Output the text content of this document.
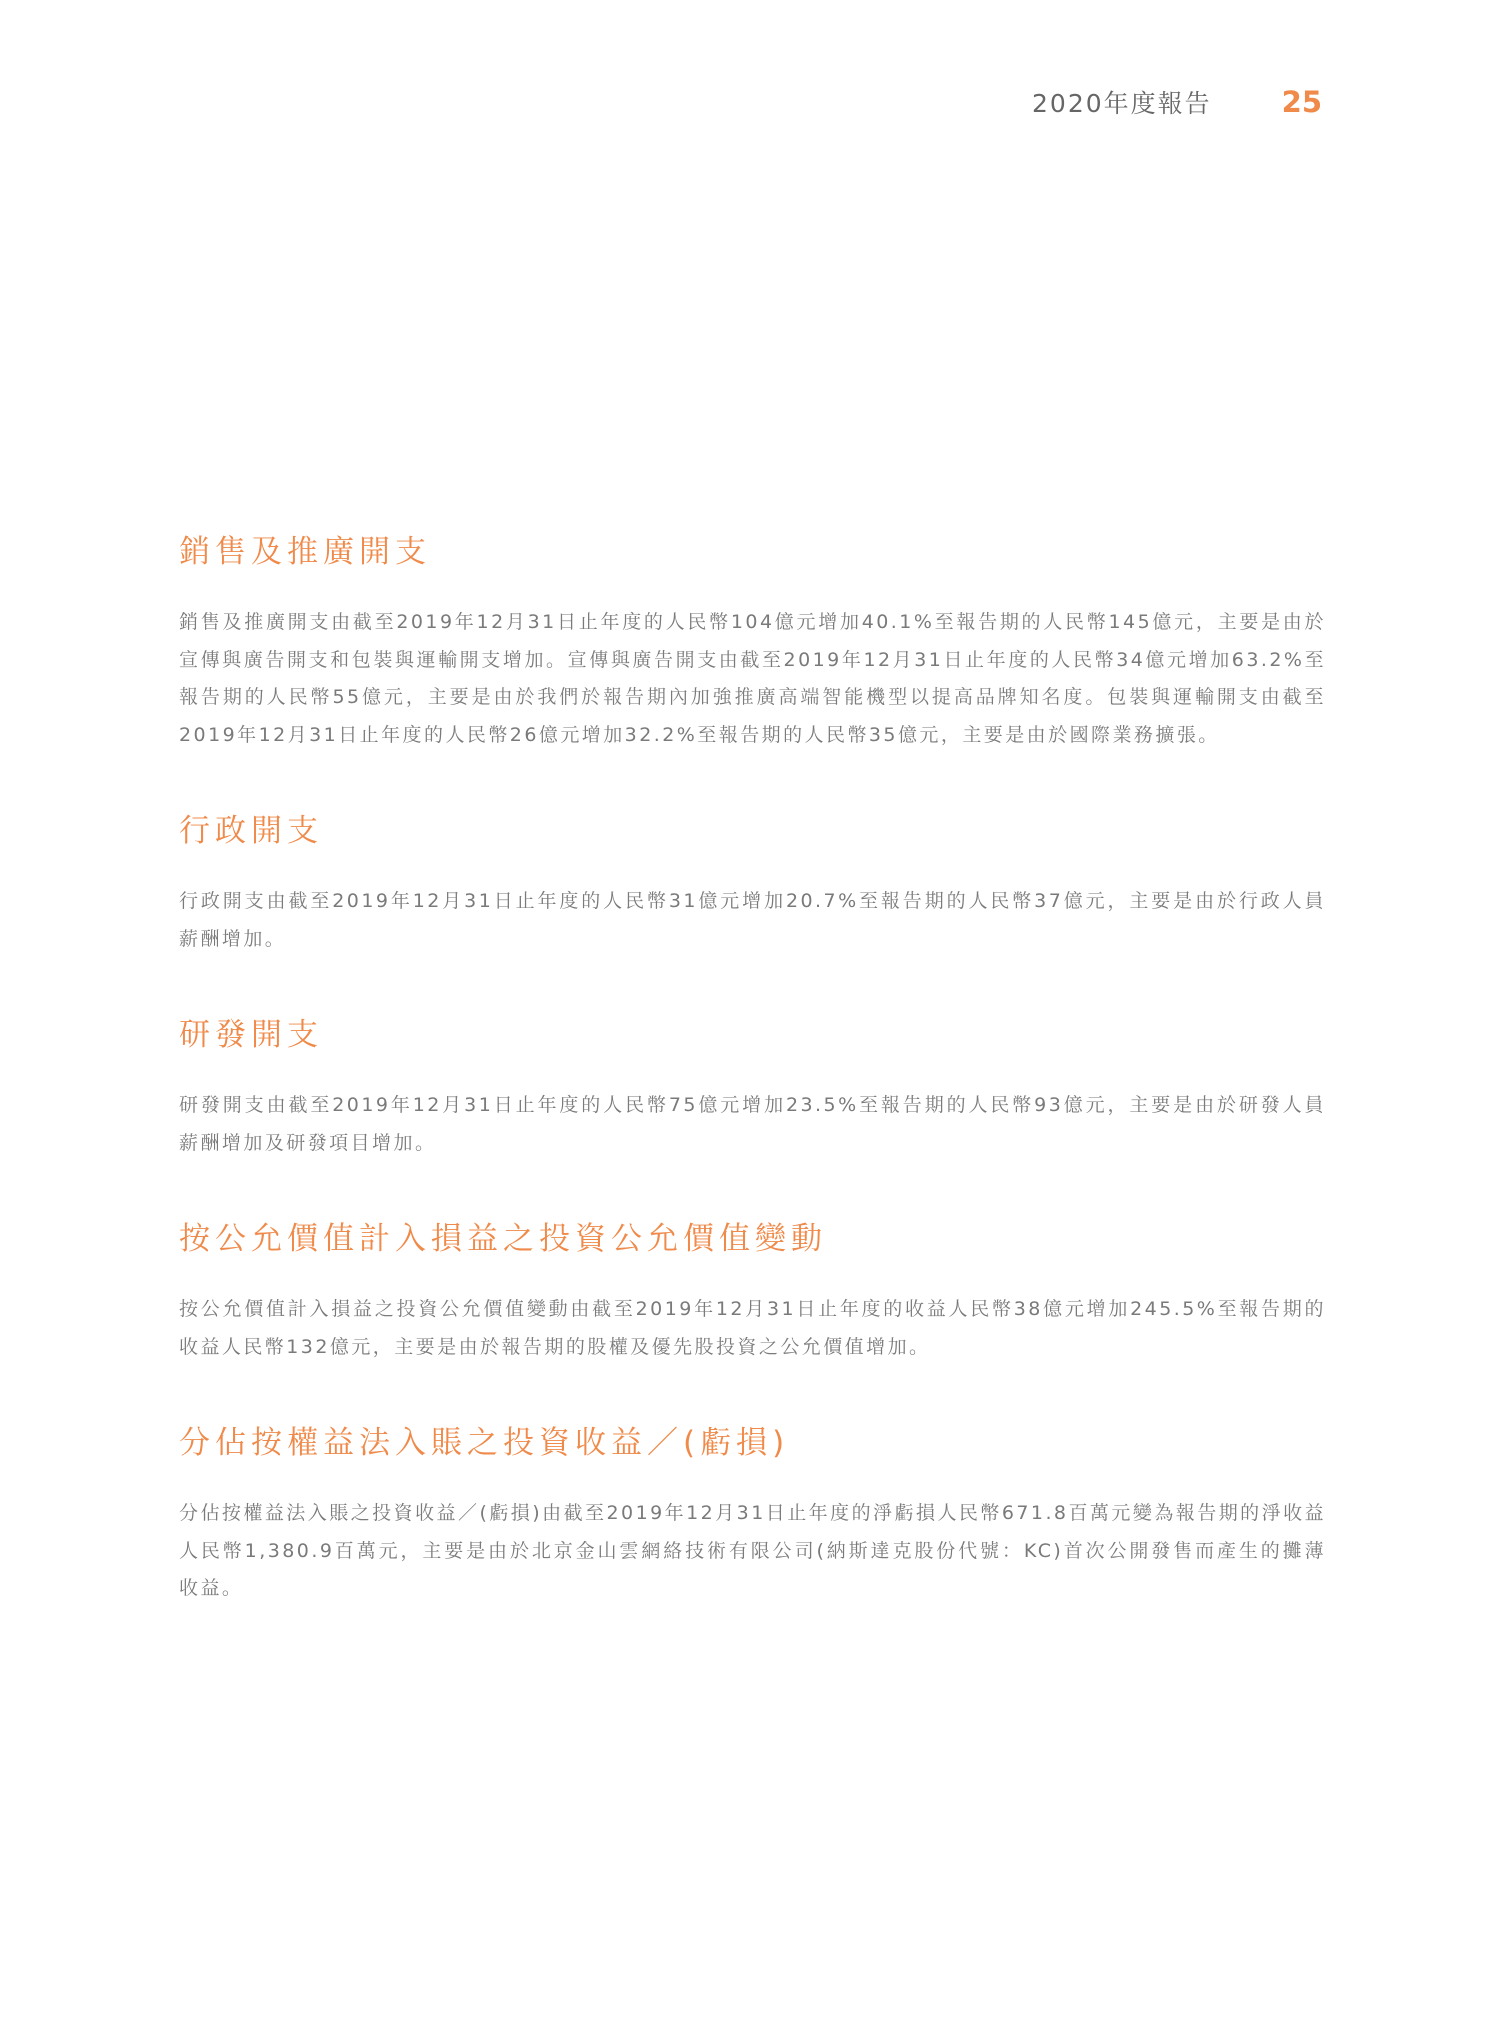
2020年度報告 25
銷售及推廣開支

銷售及推廣開支由截至2019年12月31日止年度的人民幣104億元增加40.1%至報告期的人民幣145億元，主要是由於宣傳與廣告開支和包裝與運輸開支增加。宣傳與廣告開支由截至2019年12月31日止年度的人民幣34億元增加63.2%至報告期的人民幣55億元，主要是由於我們於報告期內加強推廣高端智能機型以提高品牌知名度。包裝與運輸開支由截至2019年12月31日止年度的人民幣26億元增加32.2%至報告期的人民幣35億元，主要是由於國際業務擴張。

行政開支

行政開支由截至2019年12月31日止年度的人民幣31億元增加20.7%至報告期的人民幣37億元，主要是由於行政人員薪酬增加。

研發開支

研發開支由截至2019年12月31日止年度的人民幣75億元增加23.5%至報告期的人民幣93億元，主要是由於研發人員薪酬增加及研發項目增加。

按公允價值計入損益之投資公允價值變動

按公允價值計入損益之投資公允價值變動由截至2019年12月31日止年度的收益人民幣38億元增加245.5%至報告期的收益人民幣132億元，主要是由於報告期的股權及優先股投資之公允價值增加。

分佔按權益法入賬之投資收益／(虧損)

分佔按權益法入賬之投資收益／(虧損)由截至2019年12月31日止年度的淨虧損人民幣671.8百萬元變為報告期的淨收益人民幣1,380.9百萬元，主要是由於北京金山雲網絡技術有限公司(納斯達克股份代號：KC)首次公開發售而產生的攤薄收益。
